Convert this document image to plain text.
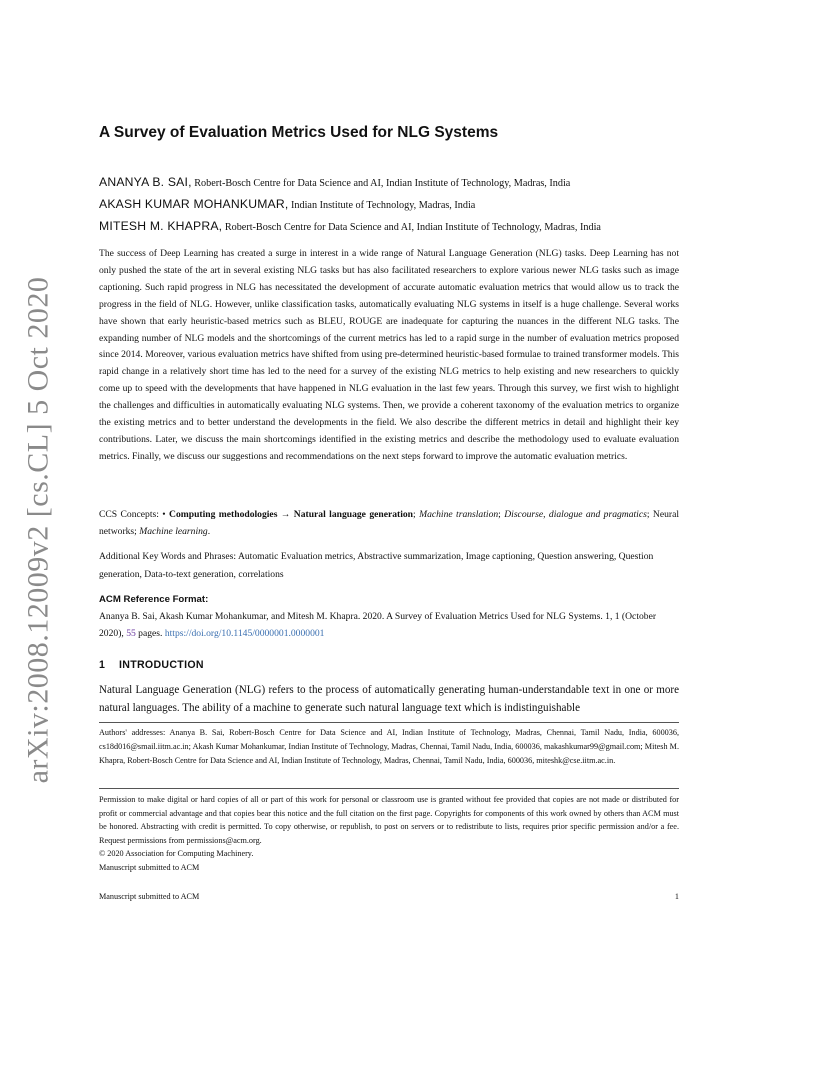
arXiv:2008.12009v2 [cs.CL] 5 Oct 2020
A Survey of Evaluation Metrics Used for NLG Systems
ANANYA B. SAI, Robert-Bosch Centre for Data Science and AI, Indian Institute of Technology, Madras, India
AKASH KUMAR MOHANKUMAR, Indian Institute of Technology, Madras, India
MITESH M. KHAPRA, Robert-Bosch Centre for Data Science and AI, Indian Institute of Technology, Madras, India
The success of Deep Learning has created a surge in interest in a wide range of Natural Language Generation (NLG) tasks. Deep Learning has not only pushed the state of the art in several existing NLG tasks but has also facilitated researchers to explore various newer NLG tasks such as image captioning. Such rapid progress in NLG has necessitated the development of accurate automatic evaluation metrics that would allow us to track the progress in the field of NLG. However, unlike classification tasks, automatically evaluating NLG systems in itself is a huge challenge. Several works have shown that early heuristic-based metrics such as BLEU, ROUGE are inadequate for capturing the nuances in the different NLG tasks. The expanding number of NLG models and the shortcomings of the current metrics has led to a rapid surge in the number of evaluation metrics proposed since 2014. Moreover, various evaluation metrics have shifted from using pre-determined heuristic-based formulae to trained transformer models. This rapid change in a relatively short time has led to the need for a survey of the existing NLG metrics to help existing and new researchers to quickly come up to speed with the developments that have happened in NLG evaluation in the last few years. Through this survey, we first wish to highlight the challenges and difficulties in automatically evaluating NLG systems. Then, we provide a coherent taxonomy of the evaluation metrics to organize the existing metrics and to better understand the developments in the field. We also describe the different metrics in detail and highlight their key contributions. Later, we discuss the main shortcomings identified in the existing metrics and describe the methodology used to evaluate evaluation metrics. Finally, we discuss our suggestions and recommendations on the next steps forward to improve the automatic evaluation metrics.
CCS Concepts: • Computing methodologies → Natural language generation; Machine translation; Discourse, dialogue and pragmatics; Neural networks; Machine learning.
Additional Key Words and Phrases: Automatic Evaluation metrics, Abstractive summarization, Image captioning, Question answering, Question generation, Data-to-text generation, correlations
ACM Reference Format:
Ananya B. Sai, Akash Kumar Mohankumar, and Mitesh M. Khapra. 2020. A Survey of Evaluation Metrics Used for NLG Systems. 1, 1 (October 2020), 55 pages. https://doi.org/10.1145/0000001.0000001
1 INTRODUCTION
Natural Language Generation (NLG) refers to the process of automatically generating human-understandable text in one or more natural languages. The ability of a machine to generate such natural language text which is indistinguishable
Authors' addresses: Ananya B. Sai, Robert-Bosch Centre for Data Science and AI, Indian Institute of Technology, Madras, Chennai, Tamil Nadu, India, 600036, cs18d016@smail.iitm.ac.in; Akash Kumar Mohankumar, Indian Institute of Technology, Madras, Chennai, Tamil Nadu, India, 600036, makashkumar99@gmail.com; Mitesh M. Khapra, Robert-Bosch Centre for Data Science and AI, Indian Institute of Technology, Madras, Chennai, Tamil Nadu, India, 600036, miteshk@cse.iitm.ac.in.
Permission to make digital or hard copies of all or part of this work for personal or classroom use is granted without fee provided that copies are not made or distributed for profit or commercial advantage and that copies bear this notice and the full citation on the first page. Copyrights for components of this work owned by others than ACM must be honored. Abstracting with credit is permitted. To copy otherwise, or republish, to post on servers or to redistribute to lists, requires prior specific permission and/or a fee. Request permissions from permissions@acm.org.
© 2020 Association for Computing Machinery.
Manuscript submitted to ACM
Manuscript submitted to ACM	1
